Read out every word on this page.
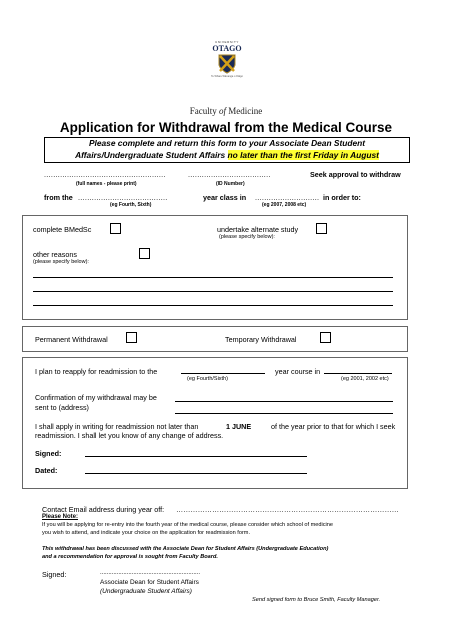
UNIVERSITY
OTAGO
Te Whare Wānanga o Otāgo
Faculty of Medicine
Application for Withdrawal from the Medical Course
Please complete and return this form to your Associate Dean Student
Affairs/Undergraduate Student Affairs no later than the first Friday in August
.....................................................
(full names - please print)
....................................
(ID Number)
Seek approval to withdraw
from the .......................................
(eg Fourth, Sixth)
year class in ............................
(eg 2007, 2008 etc)
in order to:
complete BMedSc	undertake alternate study
(please specify below):
other reasons
(please specify below):
Permanent Withdrawal	Temporary Withdrawal
I plan to reapply for readmission to the
(eg Fourth/Sixth)
year course in
(eg 2001, 2002 etc)
Confirmation of my withdrawal may be
sent to (address)
I shall apply in writing for readmission not later than	1 JUNE	of the year prior to that for which I seek
readmission. I shall let you know of any change of address.
Signed:
Dated:
Contact Email address during year off: …………………………………………………………………………………
Please Note:
If you will be applying for re-entry into the fourth year of the medical course, please consider which school of medicine
you wish to attend, and indicate your choice on the application for readmission form.
This withdrawal has been discussed with the Associate Dean for Student Affairs (Undergraduate Education)
and a recommendation for approval is sought from Faculty Board.
Signed:	............................................................
Associate Dean for Student Affairs
(Undergraduate Student Affairs)
Send signed form to Bruce Smith, Faculty Manager.
